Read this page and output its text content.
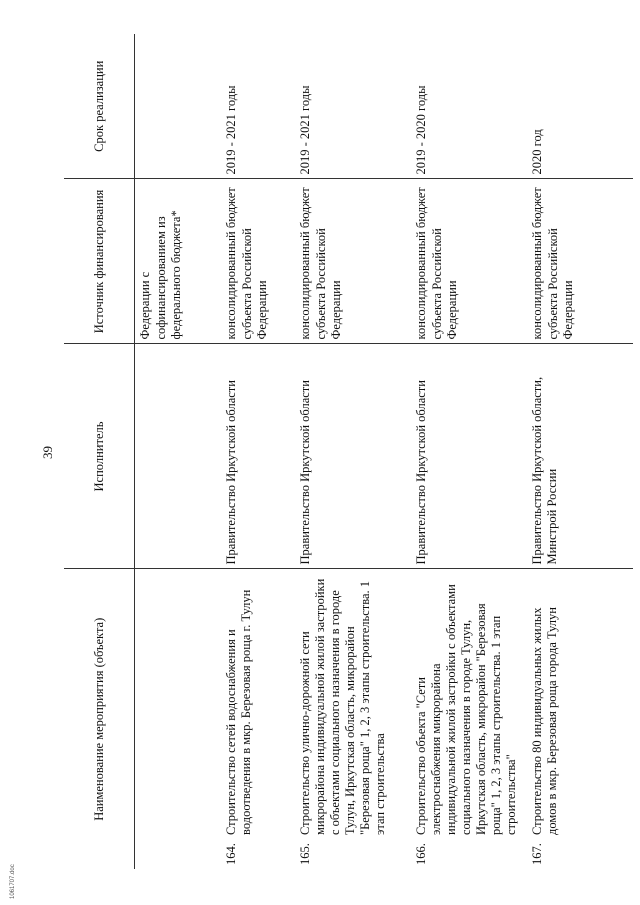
1061707.doc
39
Наименование мероприятия (объекта)	Исполнитель	Источник финансирования	Срок реализации
		Федерации с софинансированием из федерального бюджета*	
164.Строительство сетей водоснабжения и водоотведения в мкр. Березовая роща г. Тулун	Правительство Иркутской области	консолидированный бюджет субъекта Российской Федерации	2019 - 2021 годы
165.Строительство улично-дорожной сети микрорайона индивидуальной жилой застройки с объектами социального назначения в городе Тулун, Иркутская область, микрорайон "Березовая роща" 1, 2, 3 этапы строительства. 1 этап строительства	Правительство Иркутской области	консолидированный бюджет субъекта Российской Федерации	2019 - 2021 годы
166.Строительство объекта "Сети электроснабжения микрорайона индивидуальной жилой застройки с объектами социального назначения в городе Тулун, Иркутская область, микрорайон "Березовая роща" 1, 2, 3 этапы строительства. 1 этап строительства"	Правительство Иркутской области	консолидированный бюджет субъекта Российской Федерации	2019 - 2020 годы
167.Строительство 80 индивидуальных жилых домов в мкр. Березовая роща города Тулун	Правительство Иркутской области, Минстрой России	консолидированный бюджет субъекта Российской Федерации	2020 год
